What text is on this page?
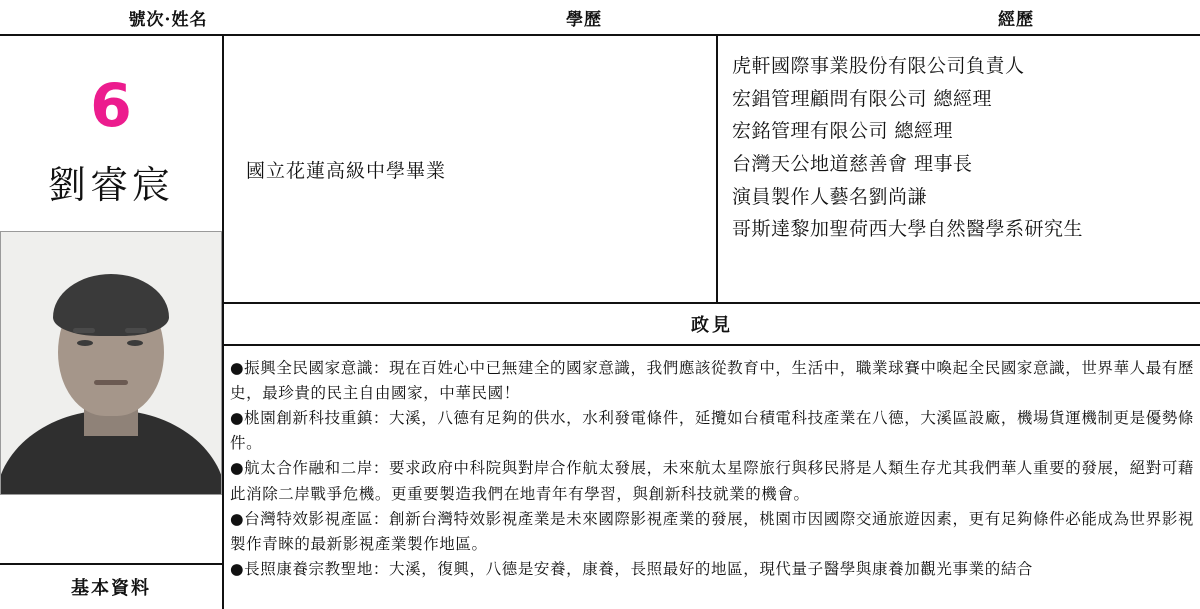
號次·姓名	學歷	經歷
6
劉睿宸
基本資料
國立花蓮高級中學畢業
虎軒國際事業股份有限公司負責人
宏錩管理顧問有限公司 總經理
宏銘管理有限公司 總經理
台灣天公地道慈善會 理事長
演員製作人藝名劉尚謙
哥斯達黎加聖荷西大學自然醫學系研究生
政見

●振興全民國家意識：現在百姓心中已無建全的國家意識，我們應該從教育中，生活中，職業球賽中喚起全民國家意識，世界華人最有歷史，最珍貴的民主自由國家，中華民國！

●桃園創新科技重鎮：大溪，八德有足夠的供水，水利發電條件，延攬如台積電科技產業在八德，大溪區設廠，機場貨運機制更是優勢條件。

●航太合作融和二岸：要求政府中科院與對岸合作航太發展，未來航太星際旅行與移民將是人類生存尤其我們華人重要的發展，絕對可藉此消除二岸戰爭危機。更重要製造我們在地青年有學習，與創新科技就業的機會。

●台灣特效影視產區：創新台灣特效影視產業是未來國際影視產業的發展，桃園市因國際交通旅遊因素，更有足夠條件必能成為世界影視製作青睞的最新影視產業製作地區。

●長照康養宗教聖地：大溪，復興，八德是安養，康養，長照最好的地區，現代量子醫學與康養加觀光事業的結合
